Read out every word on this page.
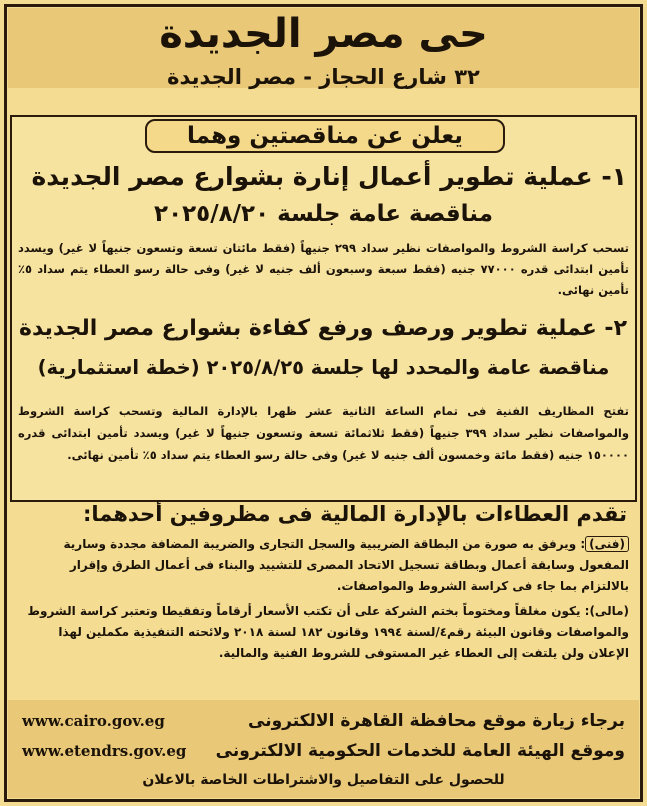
حى مصر الجديدة
٣٢ شارع الحجاز - مصر الجديدة
يعلن عن مناقصتين وهما
١- عملية تطوير أعمال إنارة بشوارع مصر الجديدة
مناقصة عامة جلسة ٢٠٢٥/٨/٢٠
تسحب كراسة الشروط والمواصفات نظير سداد ٢٩٩ جنيهاً (فقط مائتان تسعة وتسعون جنيهاً لا غير) ويسدد تأمين ابتدائى قدره ٧٧٠٠٠ جنيه (فقط سبعة وسبعون ألف جنيه لا غير) وفى حالة رسو العطاء يتم سداد ٥٪ تأمين نهائى.
٢- عملية تطوير ورصف ورفع كفاءة بشوارع مصر الجديدة
مناقصة عامة والمحدد لها جلسة ٢٠٢٥/٨/٢٥ (خطة استثمارية)
تفتح المظاريف الفنية فى تمام الساعة الثانية عشر ظهرا بالإدارة المالية وتسحب كراسة الشروط والمواصفات نظير سداد ٣٩٩ جنيهاً (فقط ثلاثمائة تسعة وتسعون جنيهاً لا غير) ويسدد تأمين ابتدائى قدره ١٥٠٠٠٠ جنيه (فقط مائة وخمسون ألف جنيه لا غير) وفى حالة رسو العطاء يتم سداد ٥٪ تأمين نهائى.
تقدم العطاءات بالإدارة المالية فى مظروفين أحدهما:
(فنى): ويرفق به صورة من البطاقة الضريبية والسجل التجارى والضريبة المضافة مجددة وسارية المفعول وسابقة أعمال وبطاقة تسجيل الاتحاد المصرى للتشييد والبناء فى أعمال الطرق وإقرار بالالتزام بما جاء فى كراسة الشروط والمواصفات.
(مالى): يكون مغلقاً ومختوماً بختم الشركة على أن تكتب الأسعار أرقاماً وتفقيطا وتعتبر كراسة الشروط والمواصفات وقانون البيئة رقم٤/لسنة ١٩٩٤ وقانون ١٨٢ لسنة ٢٠١٨ ولائحته التنفيذية مكملين لهذا الإعلان ولن يلتفت إلى العطاء غير المستوفى للشروط الفنية والمالية.
برجاء زيارة موقع محافظة القاهرة الالكترونى
www.cairo.gov.eg
وموقع الهيئة العامة للخدمات الحكومية الالكترونى
www.etendrs.gov.eg
للحصول على التفاصيل والاشتراطات الخاصة بالاعلان
